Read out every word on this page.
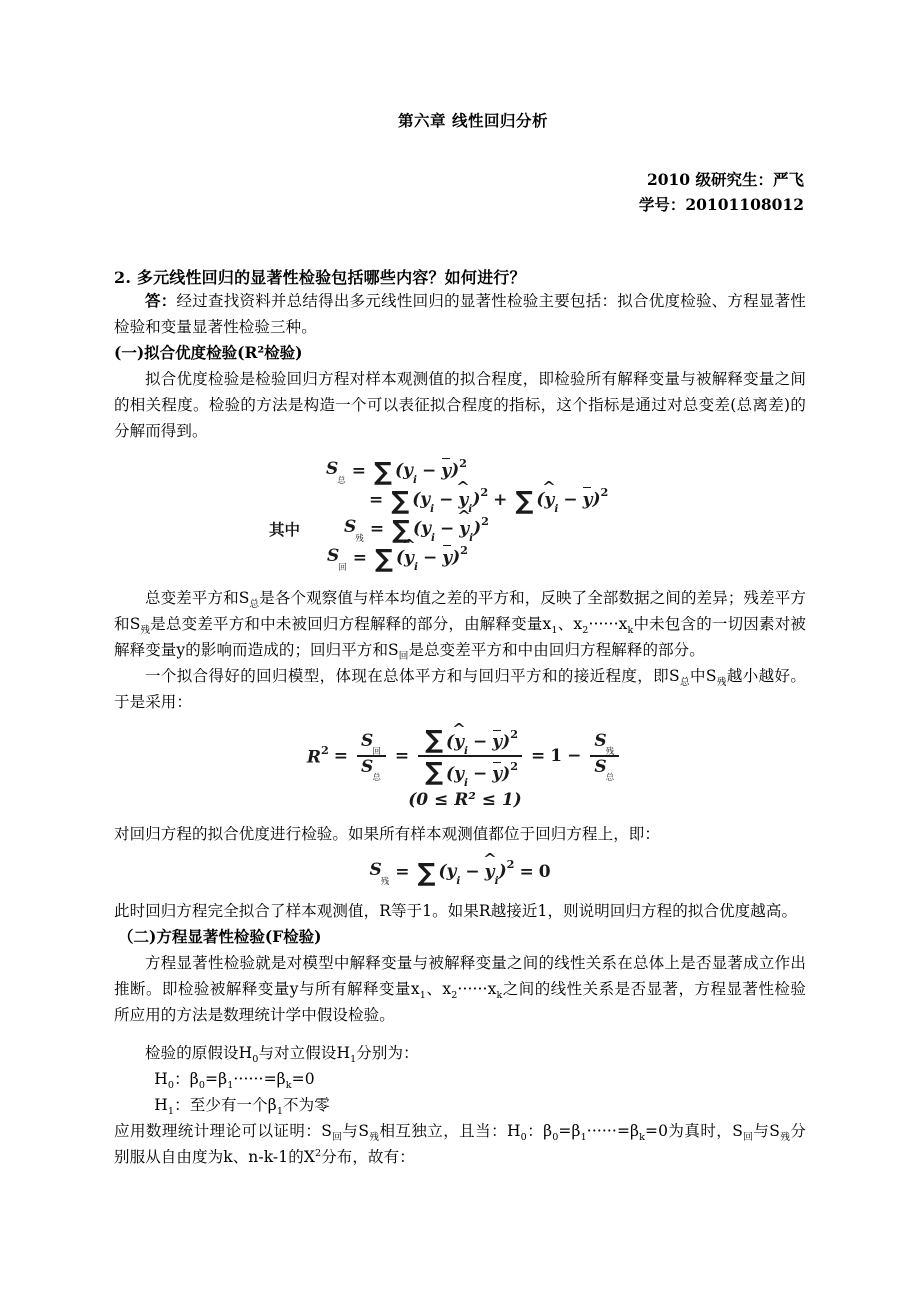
第六章 线性回归分析
2010 级研究生：严飞
学号：20101108012
2. 多元线性回归的显著性检验包括哪些内容？如何进行？

答：经过查找资料并总结得出多元线性回归的显著性检验主要包括：拟合优度检验、方程显著性检验和变量显著性检验三种。

(一)拟合优度检验(R²检验)

拟合优度检验是检验回归方程对样本观测值的拟合程度，即检验所有解释变量与被解释变量之间的相关程度。检验的方法是构造一个可以表征拟合程度的指标，这个指标是通过对总变差(总离差)的分解而得到。

$S_总$
= ∑ $(y_i - y)^2$
= ∑ ($y_i$ − ^ $y_i)^2$ + ∑ (^ $y_i - y)^2$
其中	$S_残$
= ∑ ($y_i$ − ^ $y_i)^2$
$S_回$
= ∑ (^ $y_i - y)^2$

总变差平方和$S_总$是各个观察值与样本均值之差的平方和，反映了全部数据之间的差异；残差平方和$S_残$是总变差平方和中未被回归方程解释的部分，由解释变量$x_1$、$x_2\cdot\cdot\cdot\cdot\cdot\cdot x_k$中未包含的一切因素对被解释变量y的影响而造成的；回归平方和$S_回$是总变差平方和中由回归方程解释的部分。

一个拟合得好的回归模型，体现在总体平方和与回归平方和的接近程度，即$S_总$中$S_残$越小越好。于是采用：

$R^2 = \frac{S_回}{S_总} = \frac{\sum (\^{} y_i - y)^2}{\sum (y_i - y)^2} = 1 - \frac{S_残}{S_总}$
(0 ≤ R² ≤ 1)

对回归方程的拟合优度进行检验。如果所有样本观测值都位于回归方程上，即：

$S_残$
= ∑ ($y_i$ − ^ $y_i)^2 = 0$

此时回归方程完全拟合了样本观测值，R等于1。如果R越接近1，则说明回归方程的拟合优度越高。

（二)方程显著性检验(F检验)

方程显著性检验就是对模型中解释变量与被解释变量之间的线性关系在总体上是否显著成立作出推断。即检验被解释变量y与所有解释变量$x_1$、$x_2\cdot\cdot\cdot\cdot\cdot\cdot x_k$之间的线性关系是否显著，方程显著性检验所应用的方法是数理统计学中假设检验。

检验的原假设$H_0$与对立假设$H_1$分别为：

$H_0$：$\beta_0=\beta_1\cdot\cdot\cdot\cdot\cdot\cdot=\beta_k=0$

$H_1$：至少有一个$\beta_1$不为零

应用数理统计理论可以证明：$S_回$与$S_残$相互独立，且当：$H_0$：$\beta_0=\beta_1\cdot\cdot\cdot\cdot\cdot\cdot=\beta_k=0$为真时，$S_回$与$S_残$分别服从自由度为k、n-k-1的$X^2$分布，故有：
